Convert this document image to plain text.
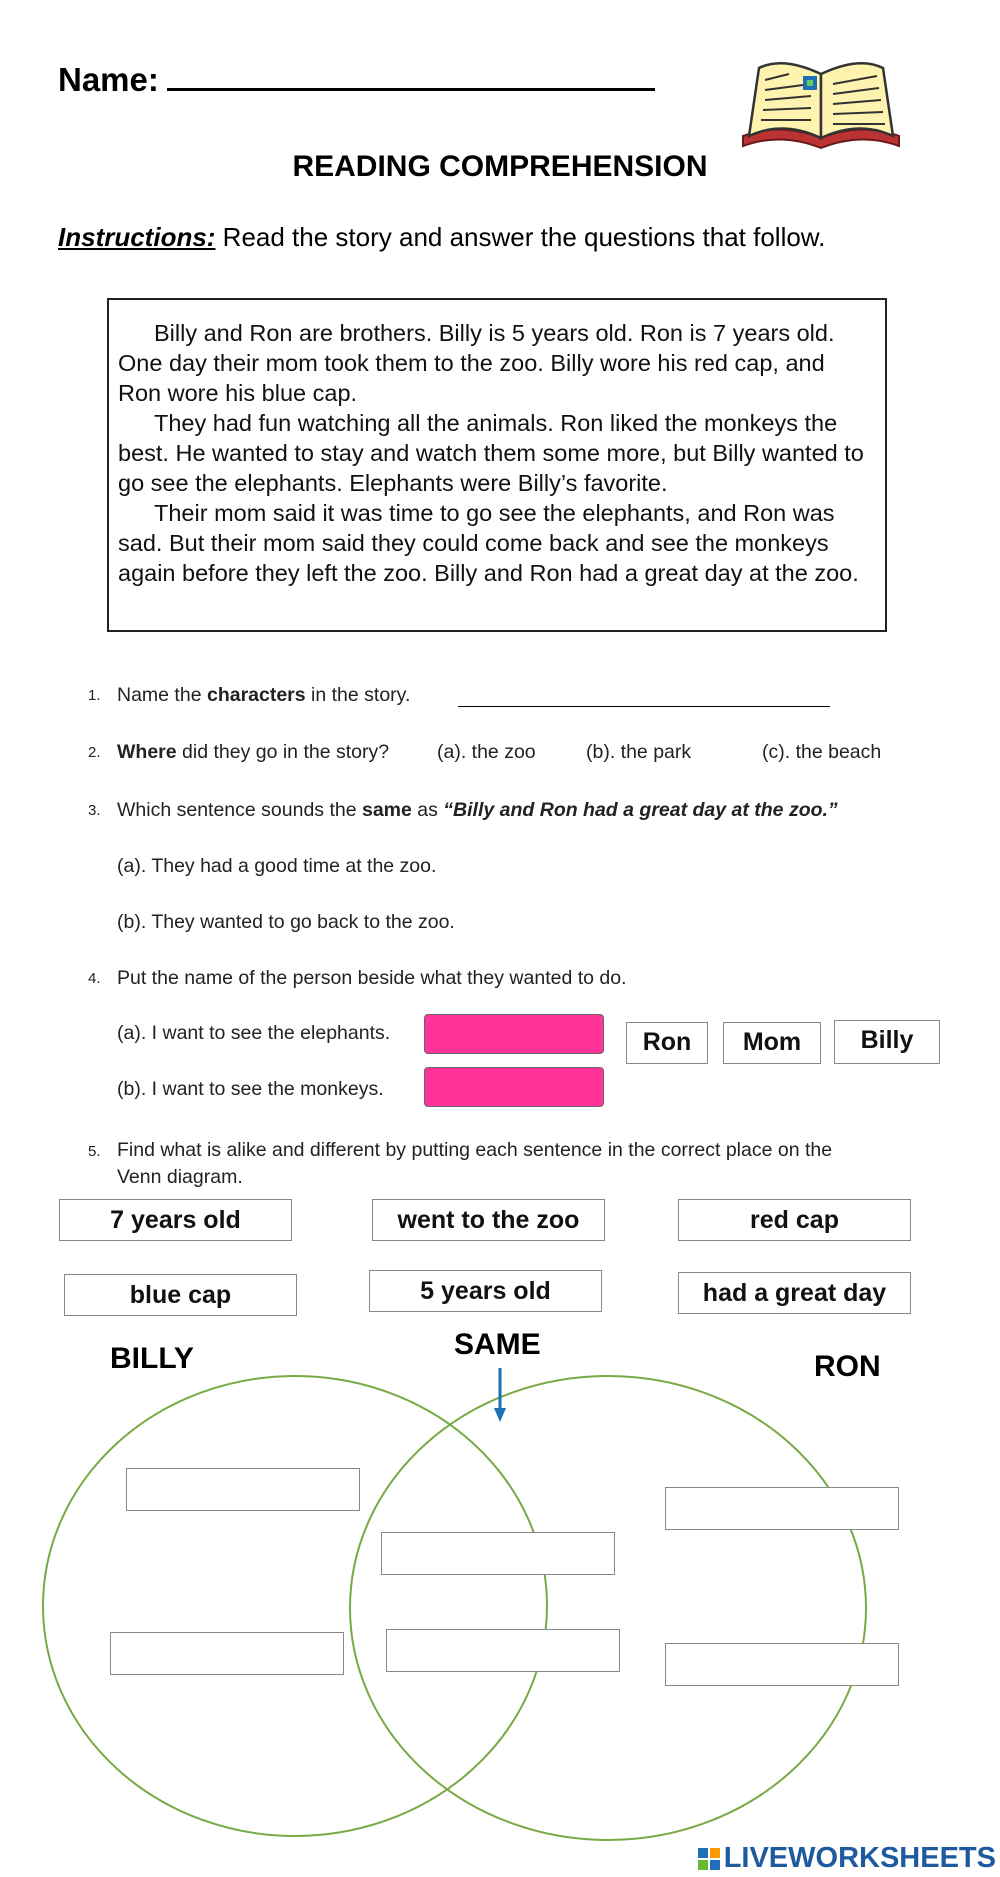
Name:
READING COMPREHENSION
Instructions: Read the story and answer the questions that follow.

Billy and Ron are brothers. Billy is 5 years old. Ron is 7 years old. One day their mom took them to the zoo. Billy wore his red cap, and Ron wore his blue cap.

They had fun watching all the animals. Ron liked the monkeys the best. He wanted to stay and watch them some more, but Billy wanted to go see the elephants. Elephants were Billy’s favorite.

Their mom said it was time to go see the elephants, and Ron was sad. But their mom said they could come back and see the monkeys again before they left the zoo. Billy and Ron had a great day at the zoo.

1. Name the characters in the story.
2. Where did they go in the story? (a). the zoo	(b). the park	(c). the beach
3. Which sentence sounds the same as “Billy and Ron had a great day at the zoo.”
(a). They had a good time at the zoo.
(b). They wanted to go back to the zoo.
4. Put the name of the person beside what they wanted to do.
(a). I want to see the elephants.
(b). I want to see the monkeys.
Ron	Mom	Billy
5. Find what is alike and different by putting each sentence in the correct place on the
Venn diagram.
7 years old	went to the zoo	red cap
blue cap	5 years old	had a great day
BILLY	SAME
RON
LIVEWORKSHEETS
